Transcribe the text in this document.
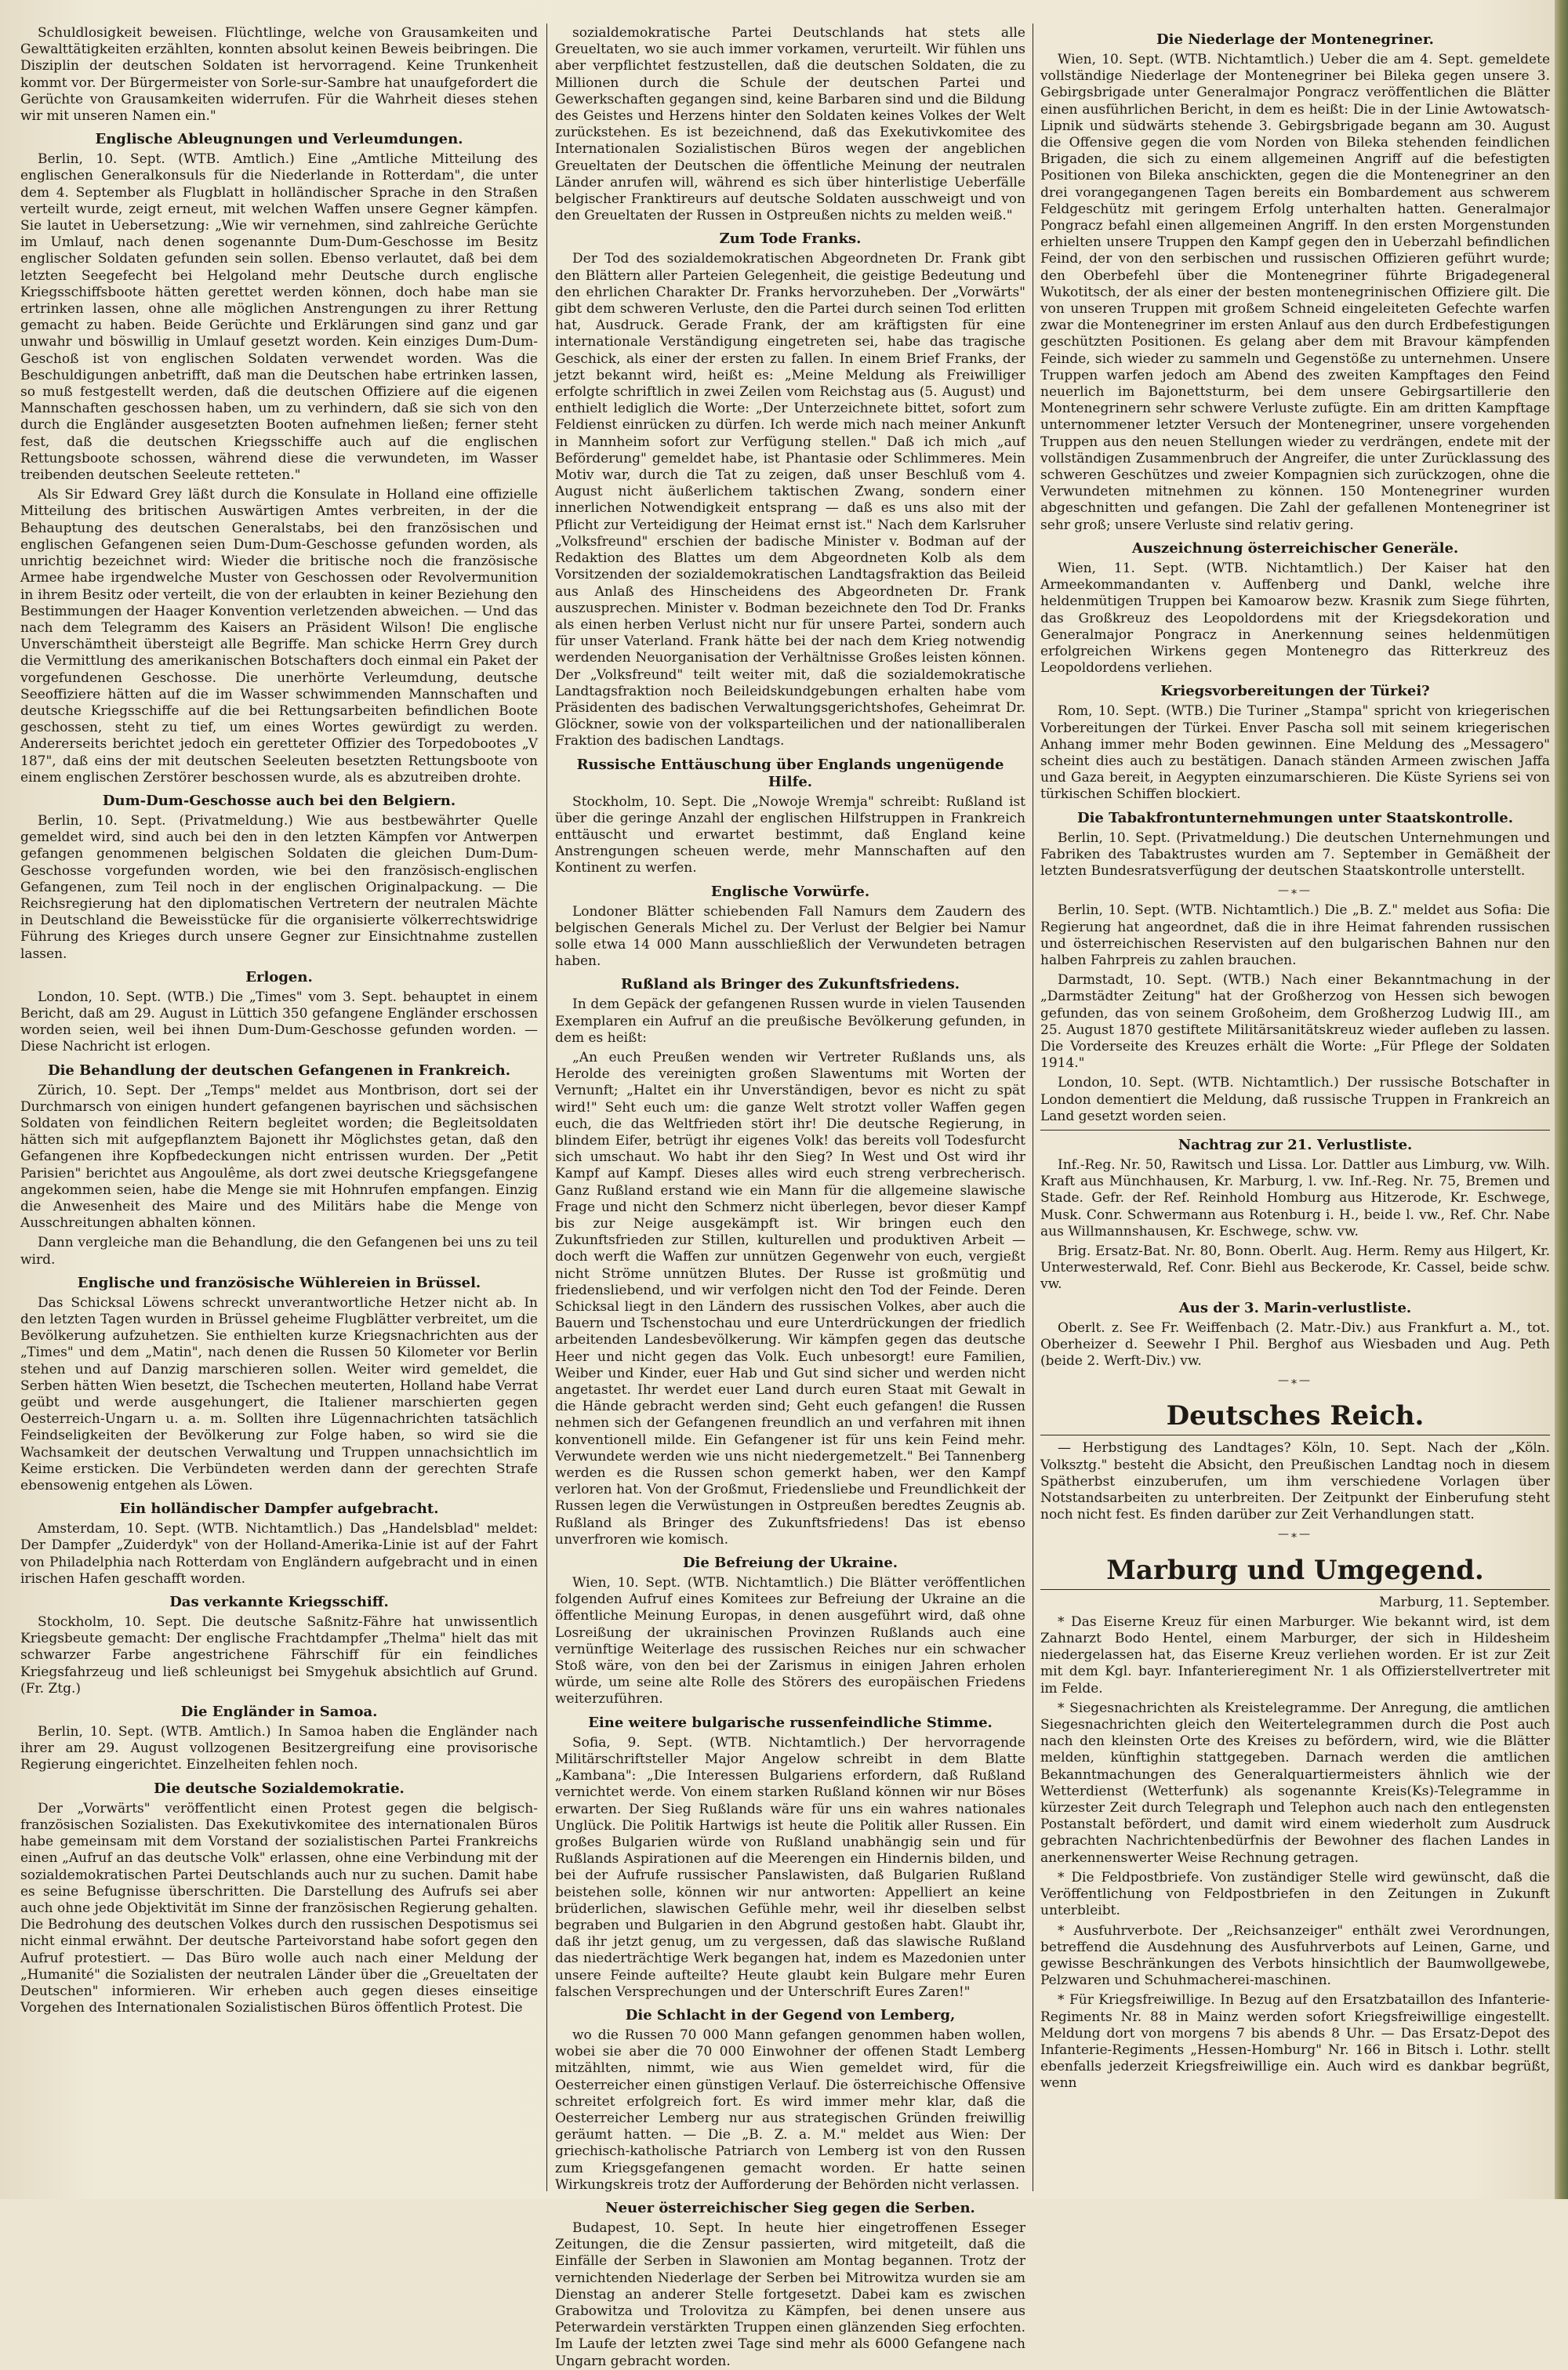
Schuldlosigkeit beweisen. Flüchtlinge, welche von Grausamkeiten und Gewalttätigkeiten erzählten, konnten absolut keinen Beweis beibringen. Die Disziplin der deutschen Soldaten ist hervorragend. Keine Trunkenheit kommt vor. Der Bürgermeister von Sorle-sur-Sambre hat unaufgefordert die Gerüchte von Grausamkeiten widerrufen. Für die Wahrheit dieses stehen wir mit unseren Namen ein."

Englische Ableugnungen und Verleumdungen.

Berlin, 10. Sept. (WTB. Amtlich.) Eine „Amtliche Mitteilung des englischen Generalkonsuls für die Niederlande in Rotterdam", die unter dem 4. September als Flugblatt in holländischer Sprache in den Straßen verteilt wurde, zeigt erneut, mit welchen Waffen unsere Gegner kämpfen. Sie lautet in Uebersetzung: „Wie wir vernehmen, sind zahlreiche Gerüchte im Umlauf, nach denen sogenannte Dum-Dum-Geschosse im Besitz englischer Soldaten gefunden sein sollen. Ebenso verlautet, daß bei dem letzten Seegefecht bei Helgoland mehr Deutsche durch englische Kriegsschiffsboote hätten gerettet werden können, doch habe man sie ertrinken lassen, ohne alle möglichen Anstrengungen zu ihrer Rettung gemacht zu haben. Beide Gerüchte und Erklärungen sind ganz und gar unwahr und böswillig in Umlauf gesetzt worden. Kein einziges Dum-Dum-Geschoß ist von englischen Soldaten verwendet worden. Was die Beschuldigungen anbetrifft, daß man die Deutschen habe ertrinken lassen, so muß festgestellt werden, daß die deutschen Offiziere auf die eigenen Mannschaften geschossen haben, um zu verhindern, daß sie sich von den durch die Engländer ausgesetzten Booten aufnehmen ließen; ferner steht fest, daß die deutschen Kriegsschiffe auch auf die englischen Rettungsboote schossen, während diese die verwundeten, im Wasser treibenden deutschen Seeleute retteten."

Als Sir Edward Grey läßt durch die Konsulate in Holland eine offizielle Mitteilung des britischen Auswärtigen Amtes verbreiten, in der die Behauptung des deutschen Generalstabs, bei den französischen und englischen Gefangenen seien Dum-Dum-Geschosse gefunden worden, als unrichtig bezeichnet wird: Wieder die britische noch die französische Armee habe irgendwelche Muster von Geschossen oder Revolvermunition in ihrem Besitz oder verteilt, die von der erlaubten in keiner Beziehung den Bestimmungen der Haager Konvention verletzenden abweichen. — Und das nach dem Telegramm des Kaisers an Präsident Wilson! Die englische Unverschämtheit übersteigt alle Begriffe. Man schicke Herrn Grey durch die Vermittlung des amerikanischen Botschafters doch einmal ein Paket der vorgefundenen Geschosse. Die unerhörte Verleumdung, deutsche Seeoffiziere hätten auf die im Wasser schwimmenden Mannschaften und deutsche Kriegsschiffe auf die bei Rettungsarbeiten befindlichen Boote geschossen, steht zu tief, um eines Wortes gewürdigt zu werden. Andererseits berichtet jedoch ein geretteter Offizier des Torpedobootes „V 187", daß eins der mit deutschen Seeleuten besetzten Rettungsboote von einem englischen Zerstörer beschossen wurde, als es abzutreiben drohte.

Dum-Dum-Geschosse auch bei den Belgiern.

Berlin, 10. Sept. (Privatmeldung.) Wie aus bestbewährter Quelle gemeldet wird, sind auch bei den in den letzten Kämpfen vor Antwerpen gefangen genommenen belgischen Soldaten die gleichen Dum-Dum-Geschosse vorgefunden worden, wie bei den französisch-englischen Gefangenen, zum Teil noch in der englischen Originalpackung. — Die Reichsregierung hat den diplomatischen Vertretern der neutralen Mächte in Deutschland die Beweisstücke für die organisierte völkerrechtswidrige Führung des Krieges durch unsere Gegner zur Einsichtnahme zustellen lassen.

Erlogen.

London, 10. Sept. (WTB.) Die „Times" vom 3. Sept. behauptet in einem Bericht, daß am 29. August in Lüttich 350 gefangene Engländer erschossen worden seien, weil bei ihnen Dum-Dum-Geschosse gefunden worden. — Diese Nachricht ist erlogen.

Die Behandlung der deutschen Gefangenen in Frankreich.

Zürich, 10. Sept. Der „Temps" meldet aus Montbrison, dort sei der Durchmarsch von einigen hundert gefangenen bayrischen und sächsischen Soldaten von feindlichen Reitern begleitet worden; die Begleitsoldaten hätten sich mit aufgepflanztem Bajonett ihr Möglichstes getan, daß den Gefangenen ihre Kopfbedeckungen nicht entrissen wurden. Der „Petit Parisien" berichtet aus Angoulême, als dort zwei deutsche Kriegsgefangene angekommen seien, habe die Menge sie mit Hohnrufen empfangen. Einzig die Anwesenheit des Maire und des Militärs habe die Menge von Ausschreitungen abhalten können.

Dann vergleiche man die Behandlung, die den Gefangenen bei uns zu teil wird.

Englische und französische Wühlereien in Brüssel.

Das Schicksal Löwens schreckt unverantwortliche Hetzer nicht ab. In den letzten Tagen wurden in Brüssel geheime Flugblätter verbreitet, um die Bevölkerung aufzuhetzen. Sie enthielten kurze Kriegsnachrichten aus der „Times" und dem „Matin", nach denen die Russen 50 Kilometer vor Berlin stehen und auf Danzig marschieren sollen. Weiter wird gemeldet, die Serben hätten Wien besetzt, die Tschechen meuterten, Holland habe Verrat geübt und werde ausgehungert, die Italiener marschierten gegen Oesterreich-Ungarn u. a. m. Sollten ihre Lügennachrichten tatsächlich Feindseligkeiten der Bevölkerung zur Folge haben, so wird sie die Wachsamkeit der deutschen Verwaltung und Truppen unnachsichtlich im Keime ersticken. Die Verbündeten werden dann der gerechten Strafe ebensowenig entgehen als Löwen.

Ein holländischer Dampfer aufgebracht.

Amsterdam, 10. Sept. (WTB. Nichtamtlich.) Das „Handelsblad" meldet: Der Dampfer „Zuiderdyk" von der Holland-Amerika-Linie ist auf der Fahrt von Philadelphia nach Rotterdam von Engländern aufgebracht und in einen irischen Hafen geschafft worden.

Das verkannte Kriegsschiff.

Stockholm, 10. Sept. Die deutsche Saßnitz-Fähre hat unwissentlich Kriegsbeute gemacht: Der englische Frachtdampfer „Thelma" hielt das mit schwarzer Farbe angestrichene Fährschiff für ein feindliches Kriegsfahrzeug und ließ schleunigst bei Smygehuk absichtlich auf Grund. (Fr. Ztg.)

Die Engländer in Samoa.

Berlin, 10. Sept. (WTB. Amtlich.) In Samoa haben die Engländer nach ihrer am 29. August vollzogenen Besitzergreifung eine provisorische Regierung eingerichtet. Einzelheiten fehlen noch.

Die deutsche Sozialdemokratie.

Der „Vorwärts" veröffentlicht einen Protest gegen die belgisch-französischen Sozialisten. Das Exekutivkomitee des internationalen Büros habe gemeinsam mit dem Vorstand der sozialistischen Partei Frankreichs einen „Aufruf an das deutsche Volk" erlassen, ohne eine Verbindung mit der sozialdemokratischen Partei Deutschlands auch nur zu suchen. Damit habe es seine Befugnisse überschritten. Die Darstellung des Aufrufs sei aber auch ohne jede Objektivität im Sinne der französischen Regierung gehalten. Die Bedrohung des deutschen Volkes durch den russischen Despotismus sei nicht einmal erwähnt. Der deutsche Parteivorstand habe sofort gegen den Aufruf protestiert. — Das Büro wolle auch nach einer Meldung der „Humanité" die Sozialisten der neutralen Länder über die „Greueltaten der Deutschen" informieren. Wir erheben auch gegen dieses einseitige Vorgehen des Internationalen Sozialistischen Büros öffentlich Protest. Die

sozialdemokratische Partei Deutschlands hat stets alle Greueltaten, wo sie auch immer vorkamen, verurteilt. Wir fühlen uns aber verpflichtet festzustellen, daß die deutschen Soldaten, die zu Millionen durch die Schule der deutschen Partei und Gewerkschaften gegangen sind, keine Barbaren sind und die Bildung des Geistes und Herzens hinter den Soldaten keines Volkes der Welt zurückstehen. Es ist bezeichnend, daß das Exekutivkomitee des Internationalen Sozialistischen Büros wegen der angeblichen Greueltaten der Deutschen die öffentliche Meinung der neutralen Länder anrufen will, während es sich über hinterlistige Ueberfälle belgischer Franktireurs auf deutsche Soldaten ausschweigt und von den Greueltaten der Russen in Ostpreußen nichts zu melden weiß."

Zum Tode Franks.

Der Tod des sozialdemokratischen Abgeordneten Dr. Frank gibt den Blättern aller Parteien Gelegenheit, die geistige Bedeutung und den ehrlichen Charakter Dr. Franks hervorzuheben. Der „Vorwärts" gibt dem schweren Verluste, den die Partei durch seinen Tod erlitten hat, Ausdruck. Gerade Frank, der am kräftigsten für eine internationale Verständigung eingetreten sei, habe das tragische Geschick, als einer der ersten zu fallen. In einem Brief Franks, der jetzt bekannt wird, heißt es: „Meine Meldung als Freiwilliger erfolgte schriftlich in zwei Zeilen vom Reichstag aus (5. August) und enthielt lediglich die Worte: „Der Unterzeichnete bittet, sofort zum Feldienst einrücken zu dürfen. Ich werde mich nach meiner Ankunft in Mannheim sofort zur Verfügung stellen." Daß ich mich „auf Beförderung" gemeldet habe, ist Phantasie oder Schlimmeres. Mein Motiv war, durch die Tat zu zeigen, daß unser Beschluß vom 4. August nicht äußerlichem taktischen Zwang, sondern einer innerlichen Notwendigkeit entsprang — daß es uns also mit der Pflicht zur Verteidigung der Heimat ernst ist." Nach dem Karlsruher „Volksfreund" erschien der badische Minister v. Bodman auf der Redaktion des Blattes um dem Abgeordneten Kolb als dem Vorsitzenden der sozialdemokratischen Landtagsfraktion das Beileid aus Anlaß des Hinscheidens des Abgeordneten Dr. Frank auszusprechen. Minister v. Bodman bezeichnete den Tod Dr. Franks als einen herben Verlust nicht nur für unsere Partei, sondern auch für unser Vaterland. Frank hätte bei der nach dem Krieg notwendig werdenden Neuorganisation der Verhältnisse Großes leisten können. Der „Volksfreund" teilt weiter mit, daß die sozialdemokratische Landtagsfraktion noch Beileidskundgebungen erhalten habe vom Präsidenten des badischen Verwaltungsgerichtshofes, Geheimrat Dr. Glöckner, sowie von der volksparteilichen und der nationalliberalen Fraktion des badischen Landtags.

Russische Enttäuschung über Englands ungenügende Hilfe.

Stockholm, 10. Sept. Die „Nowoje Wremja" schreibt: Rußland ist über die geringe Anzahl der englischen Hilfstruppen in Frankreich enttäuscht und erwartet bestimmt, daß England keine Anstrengungen scheuen werde, mehr Mannschaften auf den Kontinent zu werfen.

Englische Vorwürfe.

Londoner Blätter schiebenden Fall Namurs dem Zaudern des belgischen Generals Michel zu. Der Verlust der Belgier bei Namur solle etwa 14 000 Mann ausschließlich der Verwundeten betragen haben.

Rußland als Bringer des Zukunftsfriedens.

In dem Gepäck der gefangenen Russen wurde in vielen Tausenden Exemplaren ein Aufruf an die preußische Bevölkerung gefunden, in dem es heißt:

„An euch Preußen wenden wir Vertreter Rußlands uns, als Herolde des vereinigten großen Slawentums mit Worten der Vernunft; „Haltet ein ihr Unverständigen, bevor es nicht zu spät wird!" Seht euch um: die ganze Welt strotzt voller Waffen gegen euch, die das Weltfrieden stört ihr! Die deutsche Regierung, in blindem Eifer, betrügt ihr eigenes Volk! das bereits voll Todesfurcht sich umschaut. Wo habt ihr den Sieg? In West und Ost wird ihr Kampf auf Kampf. Dieses alles wird euch streng verbrecherisch. Ganz Rußland erstand wie ein Mann für die allgemeine slawische Frage und nicht den Schmerz nicht überlegen, bevor dieser Kampf bis zur Neige ausgekämpft ist. Wir bringen euch den Zukunftsfrieden zur Stillen, kulturellen und produktiven Arbeit — doch werft die Waffen zur unnützen Gegenwehr von euch, vergießt nicht Ströme unnützen Blutes. Der Russe ist großmütig und friedensliebend, und wir verfolgen nicht den Tod der Feinde. Deren Schicksal liegt in den Ländern des russischen Volkes, aber auch die Bauern und Tschenstochau und eure Unterdrückungen der friedlich arbeitenden Landesbevölkerung. Wir kämpfen gegen das deutsche Heer und nicht gegen das Volk. Euch unbesorgt! eure Familien, Weiber und Kinder, euer Hab und Gut sind sicher und werden nicht angetastet. Ihr werdet euer Land durch euren Staat mit Gewalt in die Hände gebracht werden sind; Geht euch gefangen! die Russen nehmen sich der Gefangenen freundlich an und verfahren mit ihnen konventionell milde. Ein Gefangener ist für uns kein Feind mehr. Verwundete werden wie uns nicht niedergemetzelt." Bei Tannenberg werden es die Russen schon gemerkt haben, wer den Kampf verloren hat. Von der Großmut, Friedensliebe und Freundlichkeit der Russen legen die Verwüstungen in Ostpreußen beredtes Zeugnis ab. Rußland als Bringer des Zukunftsfriedens! Das ist ebenso unverfroren wie komisch.

Die Befreiung der Ukraine.

Wien, 10. Sept. (WTB. Nichtamtlich.) Die Blätter veröffentlichen folgenden Aufruf eines Komitees zur Befreiung der Ukraine an die öffentliche Meinung Europas, in denen ausgeführt wird, daß ohne Losreißung der ukrainischen Provinzen Rußlands auch eine vernünftige Weiterlage des russischen Reiches nur ein schwacher Stoß wäre, von den bei der Zarismus in einigen Jahren erholen würde, um seine alte Rolle des Störers des europäischen Friedens weiterzuführen.

Eine weitere bulgarische russenfeindliche Stimme.

Sofia, 9. Sept. (WTB. Nichtamtlich.) Der hervorragende Militärschriftsteller Major Angelow schreibt in dem Blatte „Kambana": „Die Interessen Bulgariens erfordern, daß Rußland vernichtet werde. Von einem starken Rußland können wir nur Böses erwarten. Der Sieg Rußlands wäre für uns ein wahres nationales Unglück. Die Politik Hartwigs ist heute die Politik aller Russen. Ein großes Bulgarien würde von Rußland unabhängig sein und für Rußlands Aspirationen auf die Meerengen ein Hindernis bilden, und bei der Aufrufe russischer Panslawisten, daß Bulgarien Rußland beistehen solle, können wir nur antworten: Appelliert an keine brüderlichen, slawischen Gefühle mehr, weil ihr dieselben selbst begraben und Bulgarien in den Abgrund gestoßen habt. Glaubt ihr, daß ihr jetzt genug, um zu vergessen, daß das slawische Rußland das niederträchtige Werk begangen hat, indem es Mazedonien unter unsere Feinde aufteilte? Heute glaubt kein Bulgare mehr Euren falschen Versprechungen und der Unterschrift Eures Zaren!"

Die Schlacht in der Gegend von Lemberg,

wo die Russen 70 000 Mann gefangen genommen haben wollen, wobei sie aber die 70 000 Einwohner der offenen Stadt Lemberg mitzählten, nimmt, wie aus Wien gemeldet wird, für die Oesterreicher einen günstigen Verlauf. Die österreichische Offensive schreitet erfolgreich fort. Es wird immer mehr klar, daß die Oesterreicher Lemberg nur aus strategischen Gründen freiwillig geräumt hatten. — Die „B. Z. a. M." meldet aus Wien: Der griechisch-katholische Patriarch von Lemberg ist von den Russen zum Kriegsgefangenen gemacht worden. Er hatte seinen Wirkungskreis trotz der Aufforderung der Behörden nicht verlassen.

Neuer österreichischer Sieg gegen die Serben.

Budapest, 10. Sept. In heute hier eingetroffenen Esseger Zeitungen, die die Zensur passierten, wird mitgeteilt, daß die Einfälle der Serben in Slawonien am Montag begannen. Trotz der vernichtenden Niederlage der Serben bei Mitrowitza wurden sie am Dienstag an anderer Stelle fortgesetzt. Dabei kam es zwischen Grabowitza und Trolovitza zu Kämpfen, bei denen unsere aus Peterwardein verstärkten Truppen einen glänzenden Sieg erfochten. Im Laufe der letzten zwei Tage sind mehr als 6000 Gefangene nach Ungarn gebracht worden.

Die Niederlage der Montenegriner.

Wien, 10. Sept. (WTB. Nichtamtlich.) Ueber die am 4. Sept. gemeldete vollständige Niederlage der Montenegriner bei Bileka gegen unsere 3. Gebirgsbrigade unter Generalmajor Pongracz veröffentlichen die Blätter einen ausführlichen Bericht, in dem es heißt: Die in der Linie Awtowatsch-Lipnik und südwärts stehende 3. Gebirgsbrigade begann am 30. August die Offensive gegen die vom Norden von Bileka stehenden feindlichen Brigaden, die sich zu einem allgemeinen Angriff auf die befestigten Positionen von Bileka anschickten, gegen die die Montenegriner an den drei vorangegangenen Tagen bereits ein Bombardement aus schwerem Feldgeschütz mit geringem Erfolg unterhalten hatten. Generalmajor Pongracz befahl einen allgemeinen Angriff. In den ersten Morgenstunden erhielten unsere Truppen den Kampf gegen den in Ueberzahl befindlichen Feind, der von den serbischen und russischen Offizieren geführt wurde; den Oberbefehl über die Montenegriner führte Brigadegeneral Wukotitsch, der als einer der besten montenegrinischen Offiziere gilt. Die von unseren Truppen mit großem Schneid eingeleiteten Gefechte warfen zwar die Montenegriner im ersten Anlauf aus den durch Erdbefestigungen geschützten Positionen. Es gelang aber dem mit Bravour kämpfenden Feinde, sich wieder zu sammeln und Gegenstöße zu unternehmen. Unsere Truppen warfen jedoch am Abend des zweiten Kampftages den Feind neuerlich im Bajonettsturm, bei dem unsere Gebirgsartillerie den Montenegrinern sehr schwere Verluste zufügte. Ein am dritten Kampftage unternommener letzter Versuch der Montenegriner, unsere vorgehenden Truppen aus den neuen Stellungen wieder zu verdrängen, endete mit der vollständigen Zusammenbruch der Angreifer, die unter Zurücklassung des schweren Geschützes und zweier Kompagnien sich zurückzogen, ohne die Verwundeten mitnehmen zu können. 150 Montenegriner wurden abgeschnitten und gefangen. Die Zahl der gefallenen Montenegriner ist sehr groß; unsere Verluste sind relativ gering.

Auszeichnung österreichischer Generäle.

Wien, 11. Sept. (WTB. Nichtamtlich.) Der Kaiser hat den Armeekommandanten v. Auffenberg und Dankl, welche ihre heldenmütigen Truppen bei Kamoarow bezw. Krasnik zum Siege führten, das Großkreuz des Leopoldordens mit der Kriegsdekoration und Generalmajor Pongracz in Anerkennung seines heldenmütigen erfolgreichen Wirkens gegen Montenegro das Ritterkreuz des Leopoldordens verliehen.

Kriegsvorbereitungen der Türkei?

Rom, 10. Sept. (WTB.) Die Turiner „Stampa" spricht von kriegerischen Vorbereitungen der Türkei. Enver Pascha soll mit seinem kriegerischen Anhang immer mehr Boden gewinnen. Eine Meldung des „Messagero" scheint dies auch zu bestätigen. Danach ständen Armeen zwischen Jaffa und Gaza bereit, in Aegypten einzumarschieren. Die Küste Syriens sei von türkischen Schiffen blockiert.

Die Tabakfrontunternehmungen unter Staatskontrolle.

Berlin, 10. Sept. (Privatmeldung.) Die deutschen Unternehmungen und Fabriken des Tabaktrustes wurden am 7. September in Gemäßheit der letzten Bundesratsverfügung der deutschen Staatskontrolle unterstellt.

—⁎—

Berlin, 10. Sept. (WTB. Nichtamtlich.) Die „B. Z." meldet aus Sofia: Die Regierung hat angeordnet, daß die in ihre Heimat fahrenden russischen und österreichischen Reservisten auf den bulgarischen Bahnen nur den halben Fahrpreis zu zahlen brauchen.

Darmstadt, 10. Sept. (WTB.) Nach einer Bekanntmachung in der „Darmstädter Zeitung" hat der Großherzog von Hessen sich bewogen gefunden, das von seinem Großoheim, dem Großherzog Ludwig III., am 25. August 1870 gestiftete Militärsanitätskreuz wieder aufleben zu lassen. Die Vorderseite des Kreuzes erhält die Worte: „Für Pflege der Soldaten 1914."

London, 10. Sept. (WTB. Nichtamtlich.) Der russische Botschafter in London dementiert die Meldung, daß russische Truppen in Frankreich an Land gesetzt worden seien.

Nachtrag zur 21. Verlustliste.

Inf.-Reg. Nr. 50, Rawitsch und Lissa. Lor. Dattler aus Limburg, vw. Wilh. Kraft aus Münchhausen, Kr. Marburg, l. vw. Inf.-Reg. Nr. 75, Bremen und Stade. Gefr. der Ref. Reinhold Homburg aus Hitzerode, Kr. Eschwege, Musk. Conr. Schwermann aus Rotenburg i. H., beide l. vw., Ref. Chr. Nabe aus Willmannshausen, Kr. Eschwege, schw. vw.

Brig. Ersatz-Bat. Nr. 80, Bonn. Oberlt. Aug. Herm. Remy aus Hilgert, Kr. Unterwesterwald, Ref. Conr. Biehl aus Beckerode, Kr. Cassel, beide schw. vw.

Aus der 3. Marin-verlustliste.

Oberlt. z. See Fr. Weiffenbach (2. Matr.-Div.) aus Frankfurt a. M., tot. Oberheizer d. Seewehr I Phil. Berghof aus Wiesbaden und Aug. Peth (beide 2. Werft-Div.) vw.

—⁎—
Deutsches Reich.

— Herbstigung des Landtages? Köln, 10. Sept. Nach der „Köln. Volksztg." besteht die Absicht, den Preußischen Landtag noch in diesem Spätherbst einzuberufen, um ihm verschiedene Vorlagen über Notstandsarbeiten zu unterbreiten. Der Zeitpunkt der Einberufung steht noch nicht fest. Es finden darüber zur Zeit Verhandlungen statt.

—⁎—
Marburg und Umgegend.
Marburg, 11. September.

* Das Eiserne Kreuz für einen Marburger. Wie bekannt wird, ist dem Zahnarzt Bodo Hentel, einem Marburger, der sich in Hildesheim niedergelassen hat, das Eiserne Kreuz verliehen worden. Er ist zur Zeit mit dem Kgl. bayr. Infanterieregiment Nr. 1 als Offizierstellvertreter mit im Felde.

* Siegesnachrichten als Kreistelegramme. Der Anregung, die amtlichen Siegesnachrichten gleich den Weitertelegrammen durch die Post auch nach den kleinsten Orte des Kreises zu befördern, wird, wie die Blätter melden, künftighin stattgegeben. Darnach werden die amtlichen Bekanntmachungen des Generalquartiermeisters ähnlich wie der Wetterdienst (Wetterfunk) als sogenannte Kreis(Ks)-Telegramme in kürzester Zeit durch Telegraph und Telephon auch nach den entlegensten Postanstalt befördert, und damit wird einem wiederholt zum Ausdruck gebrachten Nachrichtenbedürfnis der Bewohner des flachen Landes in anerkennenswerter Weise Rechnung getragen.

* Die Feldpostbriefe. Von zuständiger Stelle wird gewünscht, daß die Veröffentlichung von Feldpostbriefen in den Zeitungen in Zukunft unterbleibt.

* Ausfuhrverbote. Der „Reichsanzeiger" enthält zwei Verordnungen, betreffend die Ausdehnung des Ausfuhrverbots auf Leinen, Garne, und gewisse Beschränkungen des Verbots hinsichtlich der Baumwollgewebe, Pelzwaren und Schuhmacherei-maschinen.

* Für Kriegsfreiwillige. In Bezug auf den Ersatzbataillon des Infanterie-Regiments Nr. 88 in Mainz werden sofort Kriegsfreiwillige eingestellt. Meldung dort von morgens 7 bis abends 8 Uhr. — Das Ersatz-Depot des Infanterie-Regiments „Hessen-Homburg" Nr. 166 in Bitsch i. Lothr. stellt ebenfalls jederzeit Kriegsfreiwillige ein. Auch wird es dankbar begrüßt, wenn
